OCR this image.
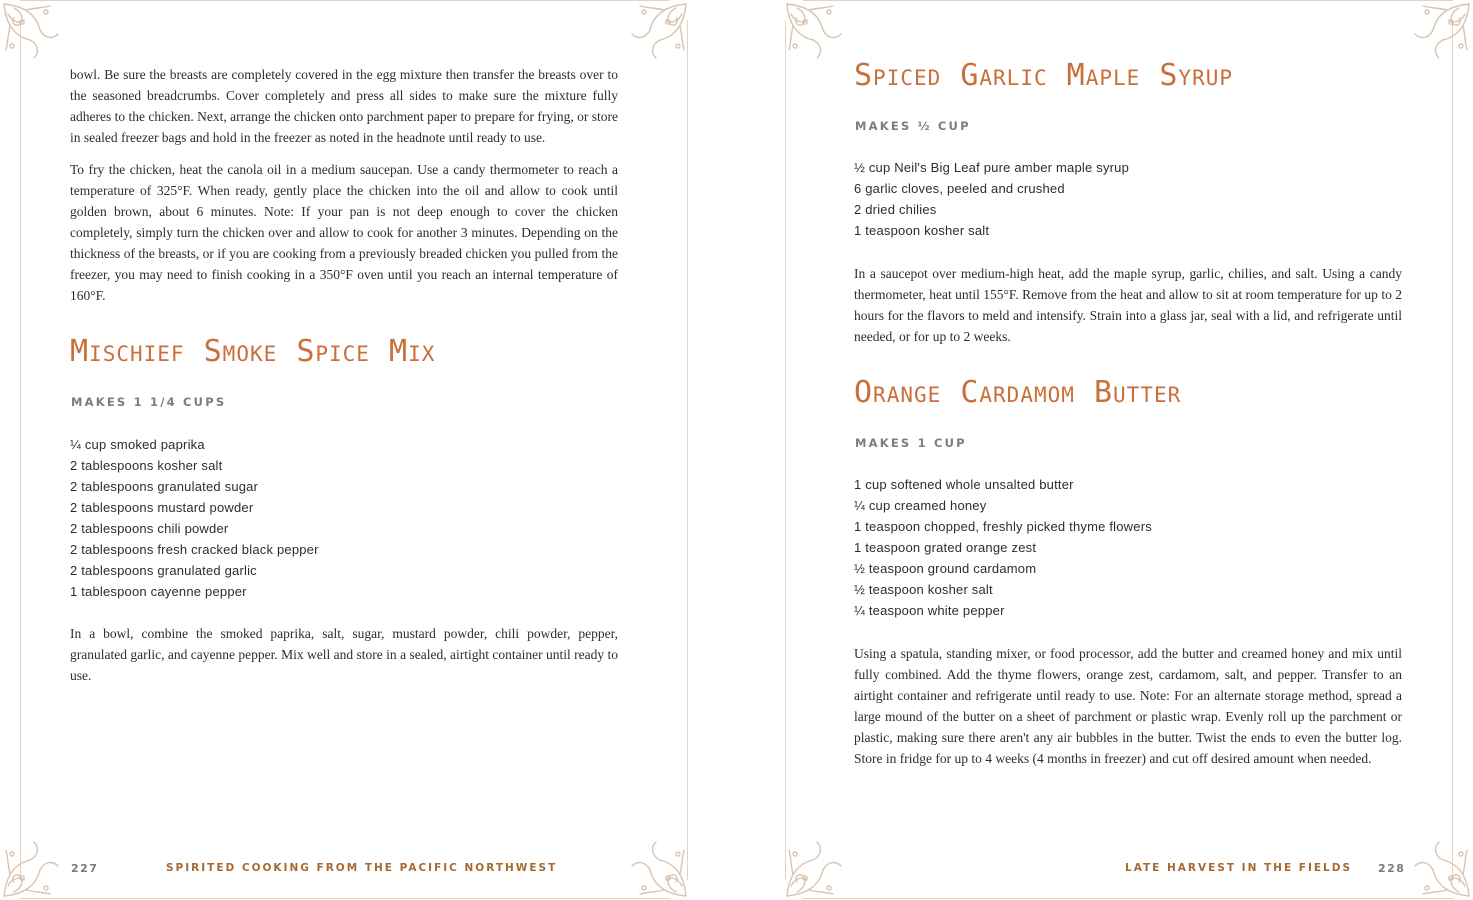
bowl. Be sure the breasts are completely covered in the egg mixture then transfer the breasts over to the seasoned breadcrumbs. Cover completely and press all sides to make sure the mixture fully adheres to the chicken. Next, arrange the chicken onto parchment paper to prepare for frying, or store in sealed freezer bags and hold in the freezer as noted in the headnote until ready to use.

To fry the chicken, heat the canola oil in a medium saucepan. Use a candy thermometer to reach a temperature of 325°F. When ready, gently place the chicken into the oil and allow to cook until golden brown, about 6 minutes. Note: If your pan is not deep enough to cover the chicken completely, simply turn the chicken over and allow to cook for another 3 minutes. Depending on the thickness of the breasts, or if you are cooking from a previously breaded chicken you pulled from the freezer, you may need to finish cooking in a 350°F oven until you reach an internal temperature of 160°F.

Mischief Smoke Spice Mix
MAKES 1 1/4 CUPS
¼ cup smoked paprika
2 tablespoons kosher salt
2 tablespoons granulated sugar
2 tablespoons mustard powder
2 tablespoons chili powder
2 tablespoons fresh cracked black pepper
2 tablespoons granulated garlic
1 tablespoon cayenne pepper

In a bowl, combine the smoked paprika, salt, sugar, mustard powder, chili powder, pepper, granulated garlic, and cayenne pepper. Mix well and store in a sealed, airtight container until ready to use.

227	SPIRITED COOKING FROM THE PACIFIC NORTHWEST
Spiced Garlic Maple Syrup
MAKES ½ CUP
½ cup Neil's Big Leaf pure amber maple syrup
6 garlic cloves, peeled and crushed
2 dried chilies
1 teaspoon kosher salt

In a saucepot over medium-high heat, add the maple syrup, garlic, chilies, and salt. Using a candy thermometer, heat until 155°F. Remove from the heat and allow to sit at room temperature for up to 2 hours for the flavors to meld and intensify. Strain into a glass jar, seal with a lid, and refrigerate until needed, or for up to 2 weeks.

Orange Cardamom Butter
MAKES 1 CUP
1 cup softened whole unsalted butter
¼ cup creamed honey
1 teaspoon chopped, freshly picked thyme flowers
1 teaspoon grated orange zest
½ teaspoon ground cardamom
½ teaspoon kosher salt
¼ teaspoon white pepper

Using a spatula, standing mixer, or food processor, add the butter and creamed honey and mix until fully combined. Add the thyme flowers, orange zest, cardamom, salt, and pepper. Transfer to an airtight container and refrigerate until ready to use. Note: For an alternate storage method, spread a large mound of the butter on a sheet of parchment or plastic wrap. Evenly roll up the parchment or plastic, making sure there aren't any air bubbles in the butter. Twist the ends to even the butter log. Store in fridge for up to 4 weeks (4 months in freezer) and cut off desired amount when needed.

LATE HARVEST IN THE FIELDS 228
